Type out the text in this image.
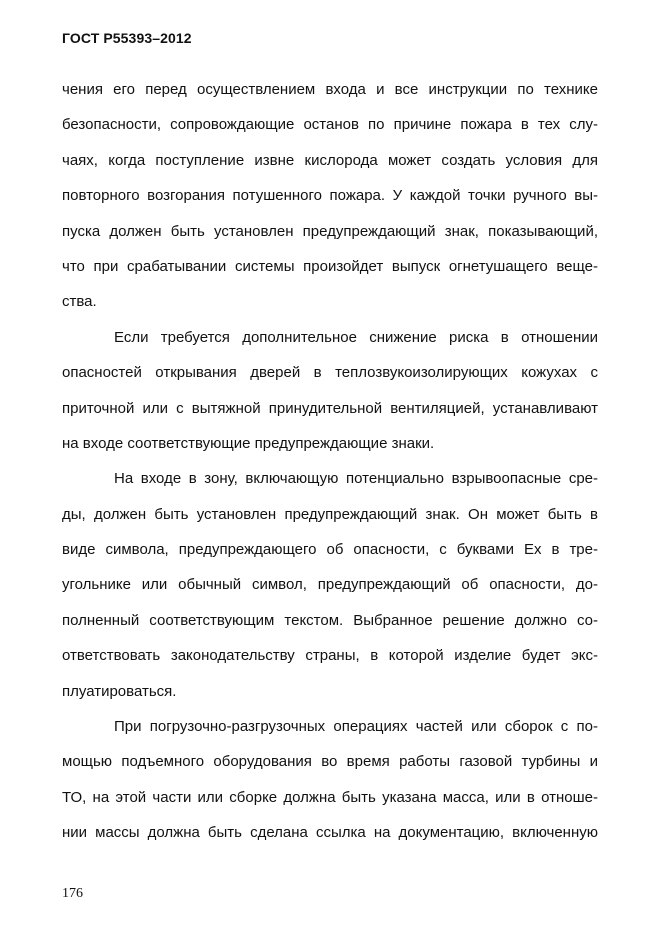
ГОСТ Р55393–2012
чения его перед осуществлением входа и все инструкции по технике
безопасности, сопровождающие останов по причине пожара в тех слу-
чаях, когда поступление извне кислорода может создать условия для
повторного возгорания потушенного пожара. У каждой точки ручного вы-
пуска должен быть установлен предупреждающий знак, показывающий,
что при срабатывании системы произойдет выпуск огнетушащего веще-
ства.
Если требуется дополнительное снижение риска в отношении
опасностей открывания дверей в теплозвукоизолирующих кожухах с
приточной или с вытяжной принудительной вентиляцией, устанавливают
на входе соответствующие предупреждающие знаки.
На входе в зону, включающую потенциально взрывоопасные сре-
ды, должен быть установлен предупреждающий знак. Он может быть в
виде символа, предупреждающего об опасности, с буквами Ex в тре-
угольнике или обычный символ, предупреждающий об опасности, до-
полненный соответствующим текстом. Выбранное решение должно со-
ответствовать законодательству страны, в которой изделие будет экс-
плуатироваться.
При погрузочно-разгрузочных операциях частей или сборок с по-
мощью подъемного оборудования во время работы газовой турбины и
ТО, на этой части или сборке должна быть указана масса, или в отноше-
нии массы должна быть сделана ссылка на документацию, включенную
176
